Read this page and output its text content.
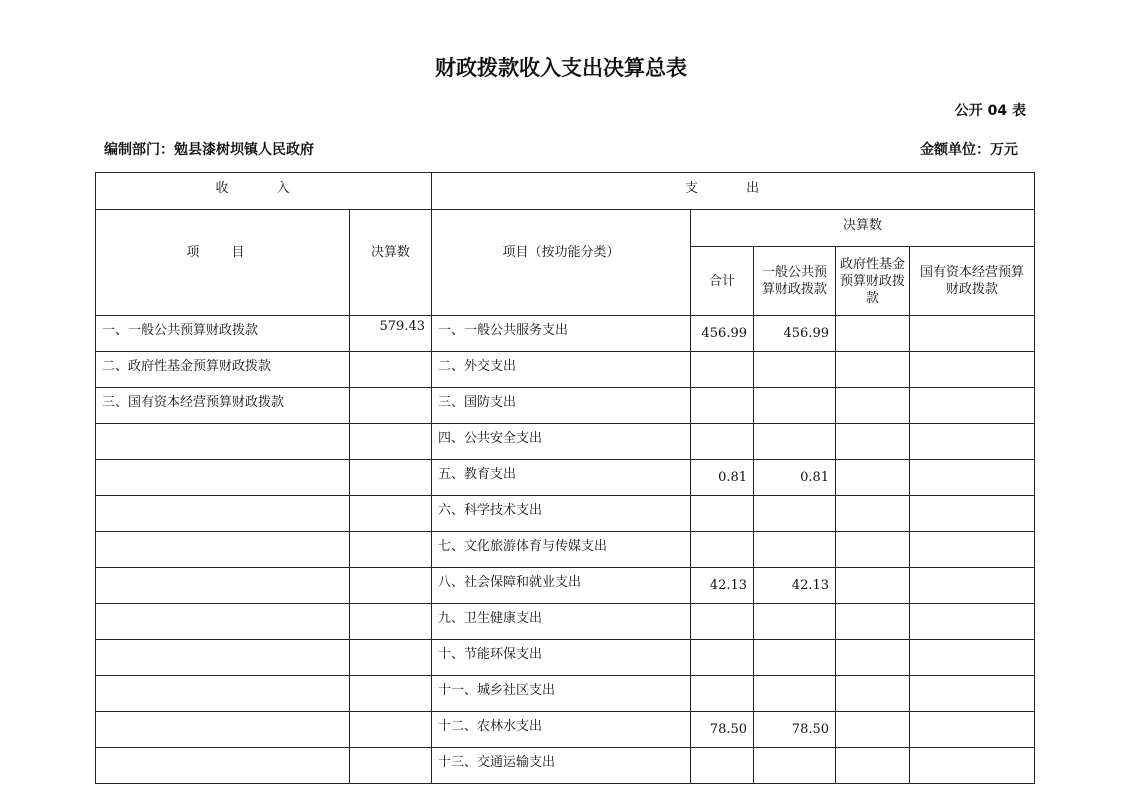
财政拨款收入支出决算总表
公开 04 表
编制部门：勉县漆树坝镇人民政府	金额单位：万元
收 入		支 出				
项 目	决算数	项目（按功能分类）	决算数			
			合计	一般公共预算财政拨款	政府性基金预算财政拨款	国有资本经营预算财政拨款
一、一般公共预算财政拨款	579.43	一、一般公共服务支出	456.99	456.99		
二、政府性基金预算财政拨款		二、外交支出				
三、国有资本经营预算财政拨款		三、国防支出				
		四、公共安全支出				
		五、教育支出	0.81	0.81		
		六、科学技术支出				
		七、文化旅游体育与传媒支出				
		八、社会保障和就业支出	42.13	42.13		
		九、卫生健康支出				
		十、节能环保支出				
		十一、城乡社区支出				
		十二、农林水支出	78.50	78.50		
		十三、交通运输支出				
